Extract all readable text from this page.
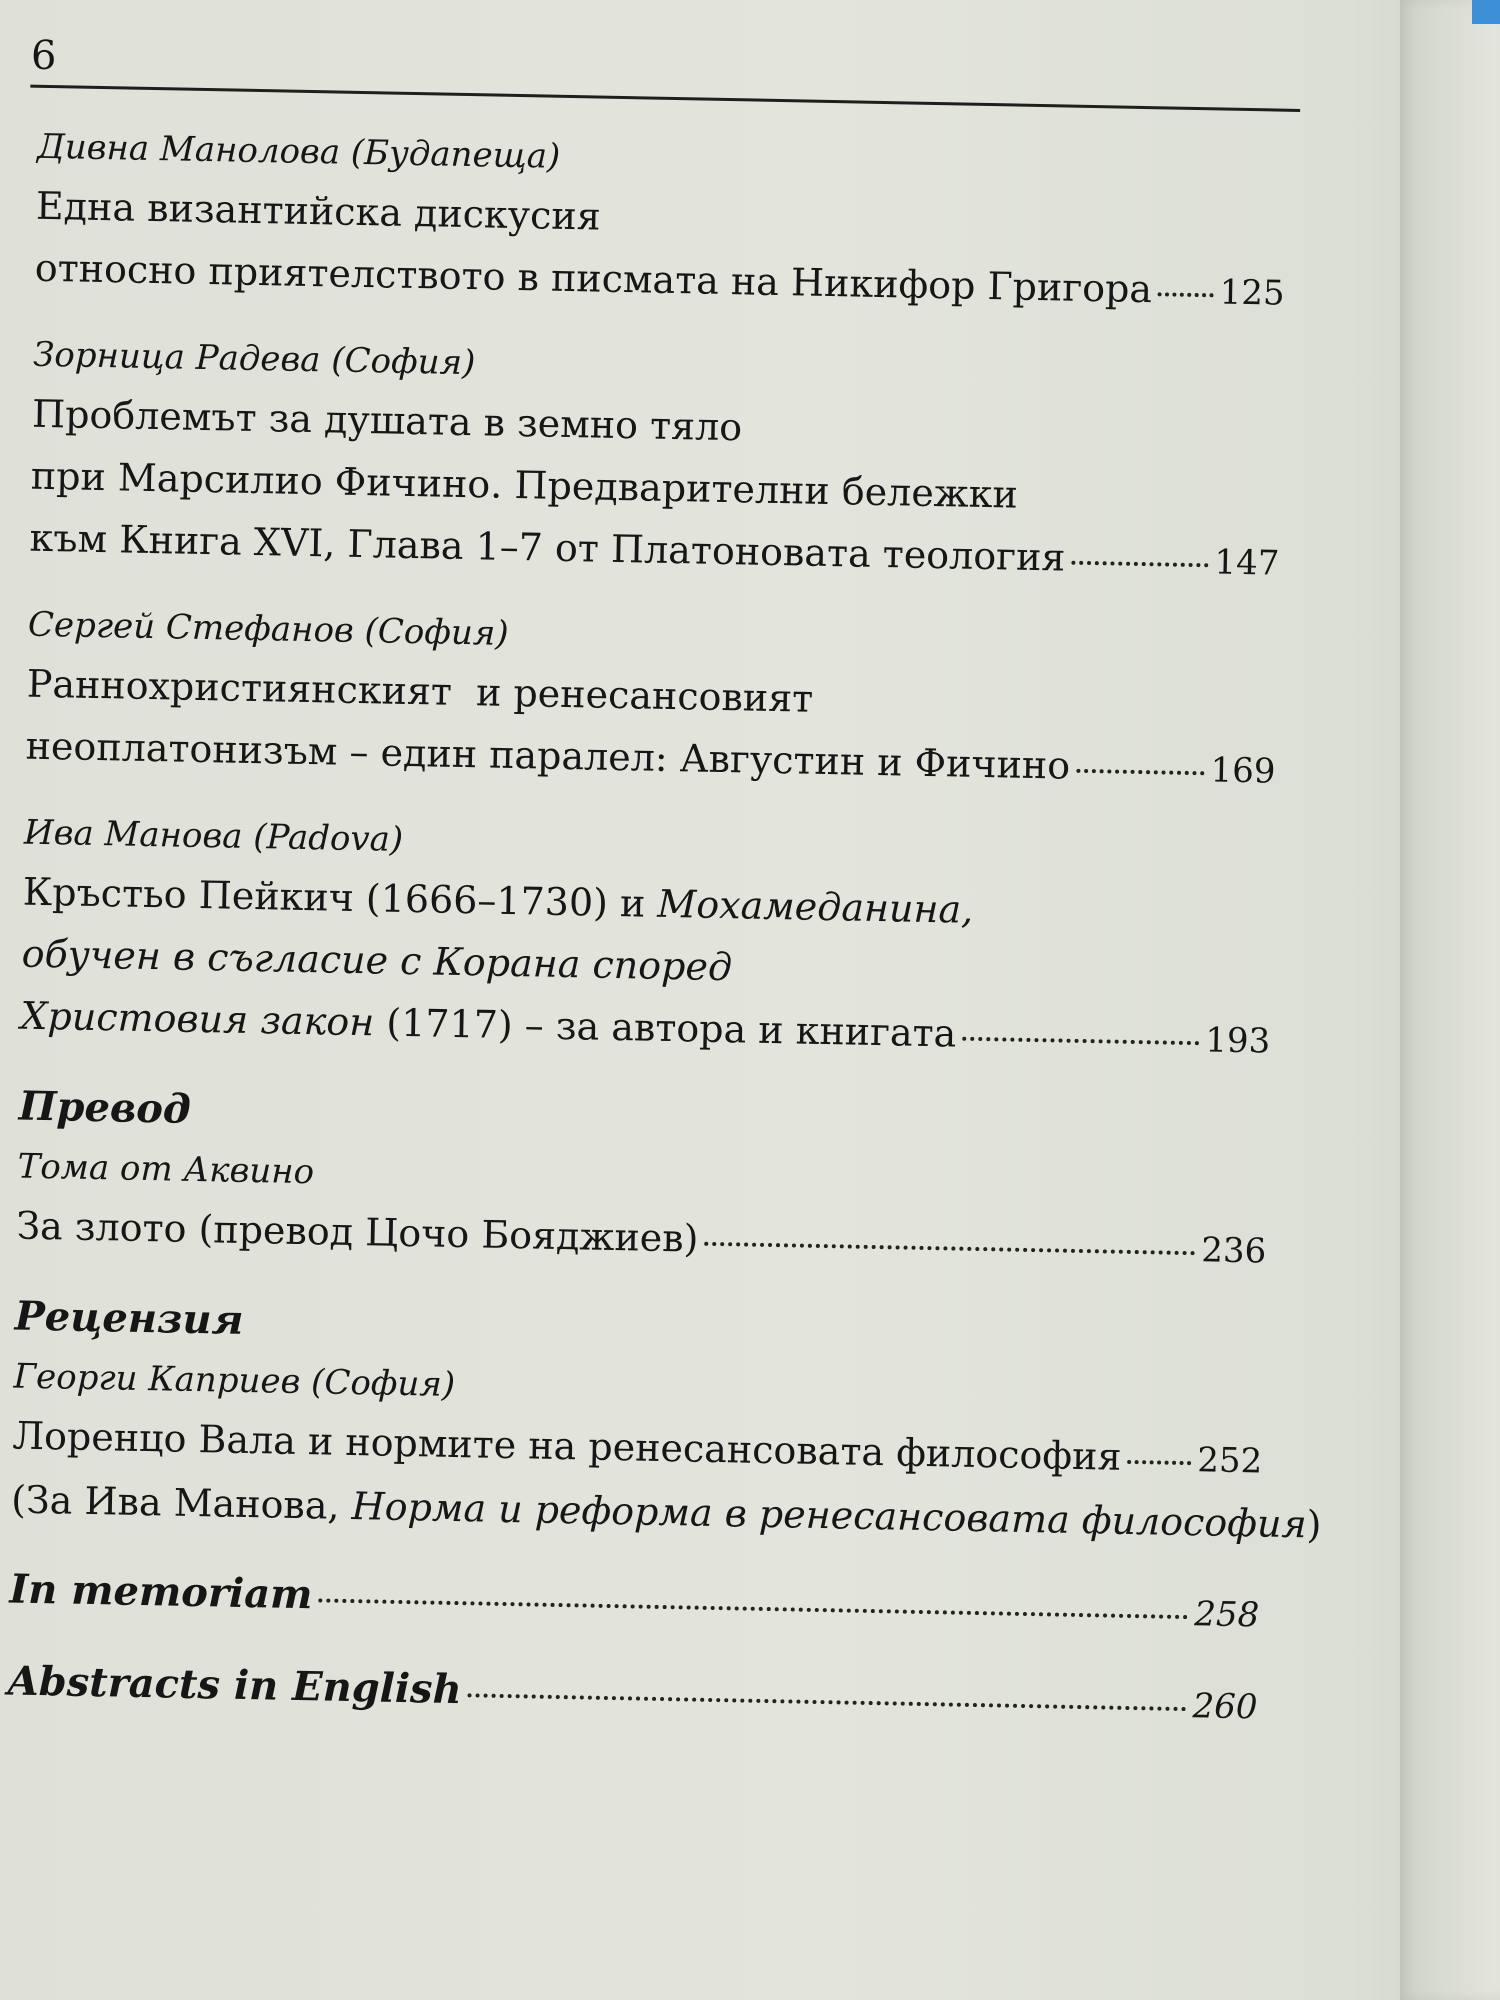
6
Дивна Манолова (Будапеща)
Една византийска дискусия
относно приятелството в писмата на Никифор Григора 125
Зорница Радева (София)
Проблемът за душата в земно тяло
при Марсилио Фичино. Предварителни бележки
към Книга XVI, Глава 1–7 от Платоновата теология	147
Сергей Стефанов (София)
Раннохристиянският  и ренесансовият
неоплатонизъм – един паралел: Августин и Фичино	169
Ива Манова (Padova)
Кръстьо Пейкич (1666–1730) и Мохамеданина,
обучен в съгласие с Корана според
Христовия закон (1717) – за автора и книгата	193
Превод
Тома от Аквино
За злото (превод Цочо Бояджиев)	236
Рецензия
Георги Каприев (София)
Лоренцо Вала и нормите на ренесансовата философия 252
(За Ива Манова, Норма и реформа в ренесансовата философия)
In memoriam	258
Abstracts in English	260
